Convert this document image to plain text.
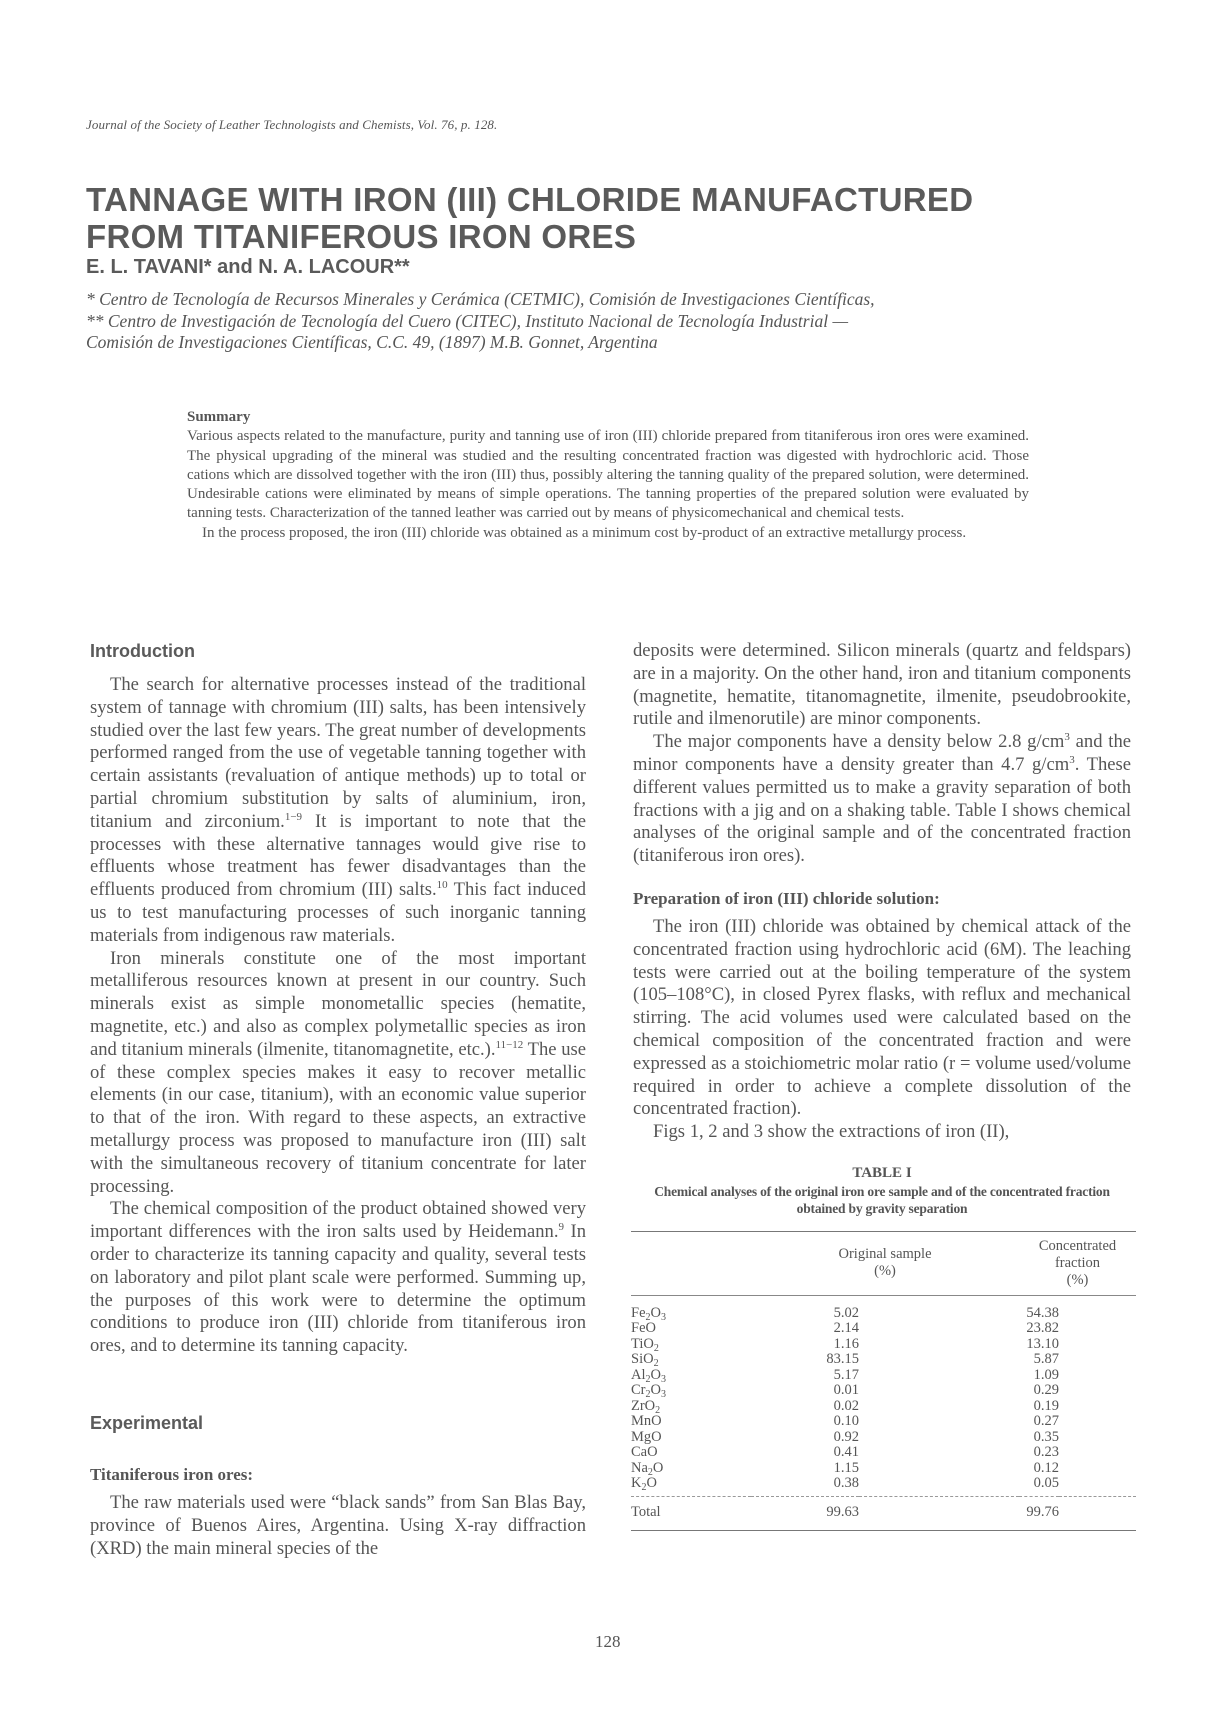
Journal of the Society of Leather Technologists and Chemists, Vol. 76, p. 128.
TANNAGE WITH IRON (III) CHLORIDE MANUFACTURED
FROM TITANIFEROUS IRON ORES
E. L. TAVANI* and N. A. LACOUR**
* Centro de Tecnología de Recursos Minerales y Cerámica (CETMIC), Comisión de Investigaciones Científicas,
** Centro de Investigación de Tecnología del Cuero (CITEC), Instituto Nacional de Tecnología Industrial —
Comisión de Investigaciones Científicas, C.C. 49, (1897) M.B. Gonnet, Argentina
Summary

Various aspects related to the manufacture, purity and tanning use of iron (III) chloride prepared from titaniferous iron ores were examined. The physical upgrading of the mineral was studied and the resulting concentrated fraction was digested with hydrochloric acid. Those cations which are dissolved together with the iron (III) thus, possibly altering the tanning quality of the prepared solution, were determined. Undesirable cations were eliminated by means of simple operations. The tanning properties of the prepared solution were evaluated by tanning tests. Characterization of the tanned leather was carried out by means of physicomechanical and chemical tests.

In the process proposed, the iron (III) chloride was obtained as a minimum cost by-product of an extractive metallurgy process.

Introduction

The search for alternative processes instead of the traditional system of tannage with chromium (III) salts, has been intensively studied over the last few years. The great number of developments performed ranged from the use of vegetable tanning together with certain assistants (revaluation of antique methods) up to total or partial chromium substitution by salts of aluminium, iron, titanium and zirconium.$^{1-9}$ It is important to note that the processes with these alternative tannages would give rise to effluents whose treatment has fewer disadvantages than the effluents produced from chromium (III) salts.$^{10}$ This fact induced us to test manufacturing processes of such inorganic tanning materials from indigenous raw materials.

Iron minerals constitute one of the most important metalliferous resources known at present in our country. Such minerals exist as simple monometallic species (hematite, magnetite, etc.) and also as complex polymetallic species as iron and titanium minerals (ilmenite, titanomagnetite, etc.).$^{11-12}$ The use of these complex species makes it easy to recover metallic elements (in our case, titanium), with an economic value superior to that of the iron. With regard to these aspects, an extractive metallurgy process was proposed to manufacture iron (III) salt with the simultaneous recovery of titanium concentrate for later processing.

The chemical composition of the product obtained showed very important differences with the iron salts used by Heidemann.$^9$ In order to characterize its tanning capacity and quality, several tests on laboratory and pilot plant scale were performed. Summing up, the purposes of this work were to determine the optimum conditions to produce iron (III) chloride from titaniferous iron ores, and to determine its tanning capacity.

Experimental
Titaniferous iron ores:

The raw materials used were “black sands” from San Blas Bay, province of Buenos Aires, Argentina. Using X-ray diffraction (XRD) the main mineral species of the

deposits were determined. Silicon minerals (quartz and feldspars) are in a majority. On the other hand, iron and titanium components (magnetite, hematite, titanomagnetite, ilmenite, pseudobrookite, rutile and ilmenorutile) are minor components.

The major components have a density below 2.8 $g/cm^3$ and the minor components have a density greater than 4.7 $g/cm^3$. These different values permitted us to make a gravity separation of both fractions with a jig and on a shaking table. Table I shows chemical analyses of the original sample and of the concentrated fraction (titaniferous iron ores).

Preparation of iron (III) chloride solution:

The iron (III) chloride was obtained by chemical attack of the concentrated fraction using hydrochloric acid (6M). The leaching tests were carried out at the boiling temperature of the system (105–108°C), in closed Pyrex flasks, with reflux and mechanical stirring. The acid volumes used were calculated based on the chemical composition of the concentrated fraction and were expressed as a stoichiometric molar ratio (r = volume used/volume required in order to achieve a complete dissolution of the concentrated fraction).

Figs 1, 2 and 3 show the extractions of iron (II),

TABLE I
Chemical analyses of the original iron ore sample and of the concentrated fraction obtained by gravity separation
	Original sample
(%)		Concentrated fraction
(%)	
$Fe_2O_3$	5.02		54.38	
FeO	2.14		23.82	
TiO$_2$	1.16		13.10	
SiO$_2$	83.15		5.87	
$Al_2O_3$	5.17		1.09	
$Cr_2O_3$	0.01		0.29	
ZrO$_2$	0.02		0.19	
MnO	0.10		0.27	
MgO	0.92		0.35	
CaO	0.41		0.23	
$Na_2O$	1.15		0.12	
$K_2O$	0.38		0.05	
Total	99.63		99.76	
128
